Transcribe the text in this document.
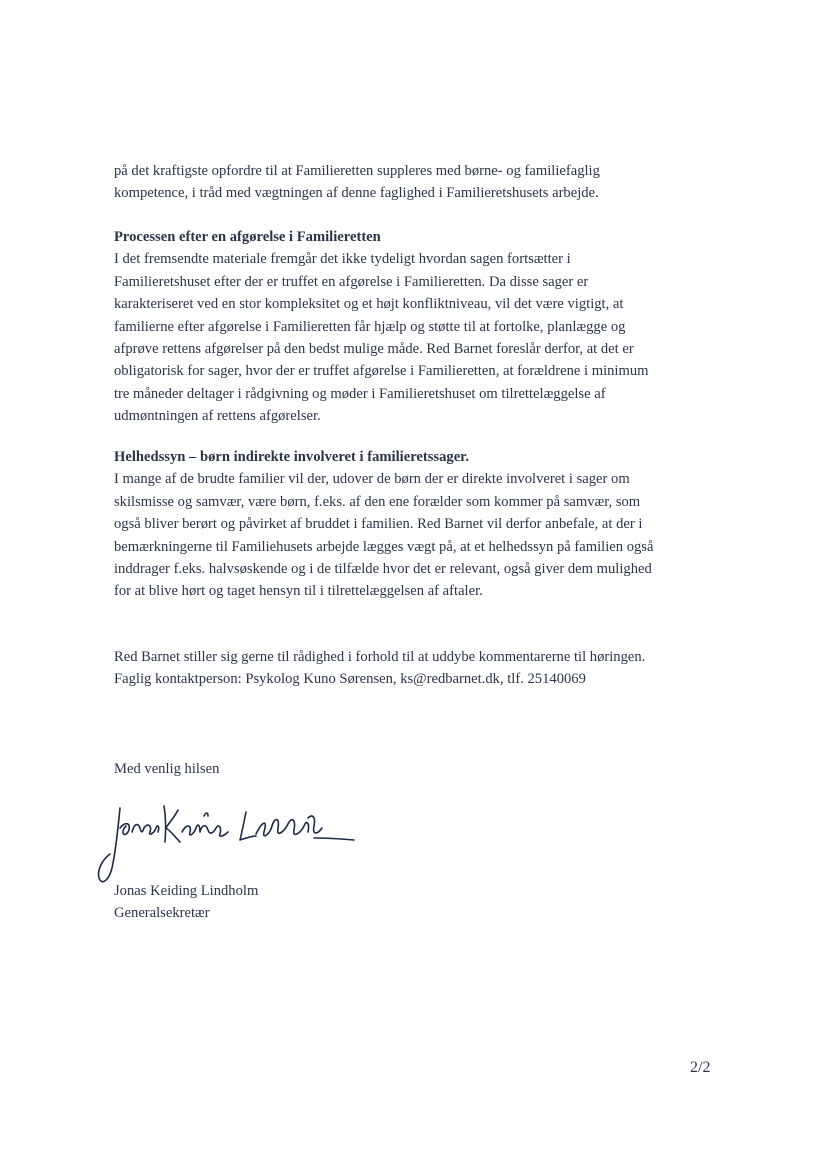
på det kraftigste opfordre til at Familieretten suppleres med børne- og familiefaglig
kompetence, i tråd med vægtningen af denne faglighed i Familieretshusets arbejde.
Processen efter en afgørelse i Familieretten
I det fremsendte materiale fremgår det ikke tydeligt hvordan sagen fortsætter i
Familieretshuset efter der er truffet en afgørelse i Familieretten. Da disse sager er
karakteriseret ved en stor kompleksitet og et højt konfliktniveau, vil det være vigtigt, at
familierne efter afgørelse i Familieretten får hjælp og støtte til at fortolke, planlægge og
afprøve rettens afgørelser på den bedst mulige måde. Red Barnet foreslår derfor, at det er
obligatorisk for sager, hvor der er truffet afgørelse i Familieretten, at forældrene i minimum
tre måneder deltager i rådgivning og møder i Familieretshuset om tilrettelæggelse af
udmøntningen af rettens afgørelser.
Helhedssyn – børn indirekte involveret i familieretssager.
I mange af de brudte familier vil der, udover de børn der er direkte involveret i sager om
skilsmisse og samvær, være børn, f.eks. af den ene forælder som kommer på samvær, som
også bliver berørt og påvirket af bruddet i familien. Red Barnet vil derfor anbefale, at der i
bemærkningerne til Familiehusets arbejde lægges vægt på, at et helhedssyn på familien også
inddrager f.eks. halvsøskende og i de tilfælde hvor det er relevant, også giver dem mulighed
for at blive hørt og taget hensyn til i tilrettelæggelsen af aftaler.
Red Barnet stiller sig gerne til rådighed i forhold til at uddybe kommentarerne til høringen.
Faglig kontaktperson: Psykolog Kuno Sørensen, ks@redbarnet.dk, tlf. 25140069
Med venlig hilsen
Jonas Keiding Lindholm
Generalsekretær
2/2
